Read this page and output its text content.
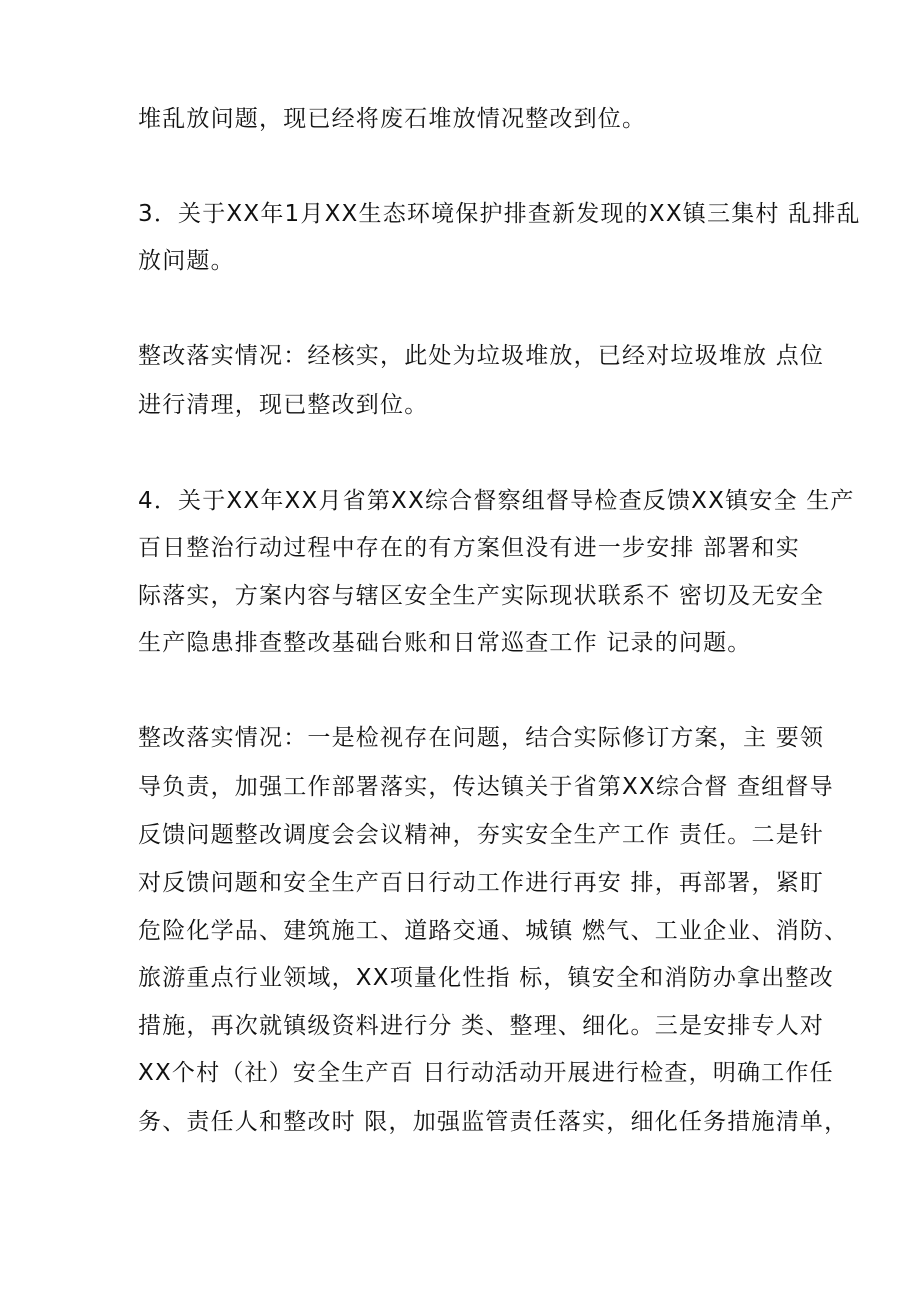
堆乱放问题，现已经将废石堆放情况整改到位。
3．关于XX年1月XX生态环境保护排查新发现的XX镇三集村 乱排乱
放问题。
整改落实情况：经核实，此处为垃圾堆放，已经对垃圾堆放 点位
进行清理，现已整改到位。
4．关于XX年XX月省第XX综合督察组督导检查反馈XX镇安全 生产
百日整治行动过程中存在的有方案但没有进一步安排 部署和实
际落实，方案内容与辖区安全生产实际现状联系不 密切及无安全
生产隐患排查整改基础台账和日常巡查工作 记录的问题。
整改落实情况：一是检视存在问题，结合实际修订方案，主 要领
导负责，加强工作部署落实，传达镇关于省第XX综合督 查组督导
反馈问题整改调度会会议精神，夯实安全生产工作 责任。二是针
对反馈问题和安全生产百日行动工作进行再安 排，再部署，紧盯
危险化学品、建筑施工、道路交通、城镇 燃气、工业企业、消防、
旅游重点行业领域，XX项量化性指 标，镇安全和消防办拿出整改
措施，再次就镇级资料进行分 类、整理、细化。三是安排专人对
XX个村（社）安全生产百 日行动活动开展进行检查，明确工作任
务、责任人和整改时 限，加强监管责任落实，细化任务措施清单，
